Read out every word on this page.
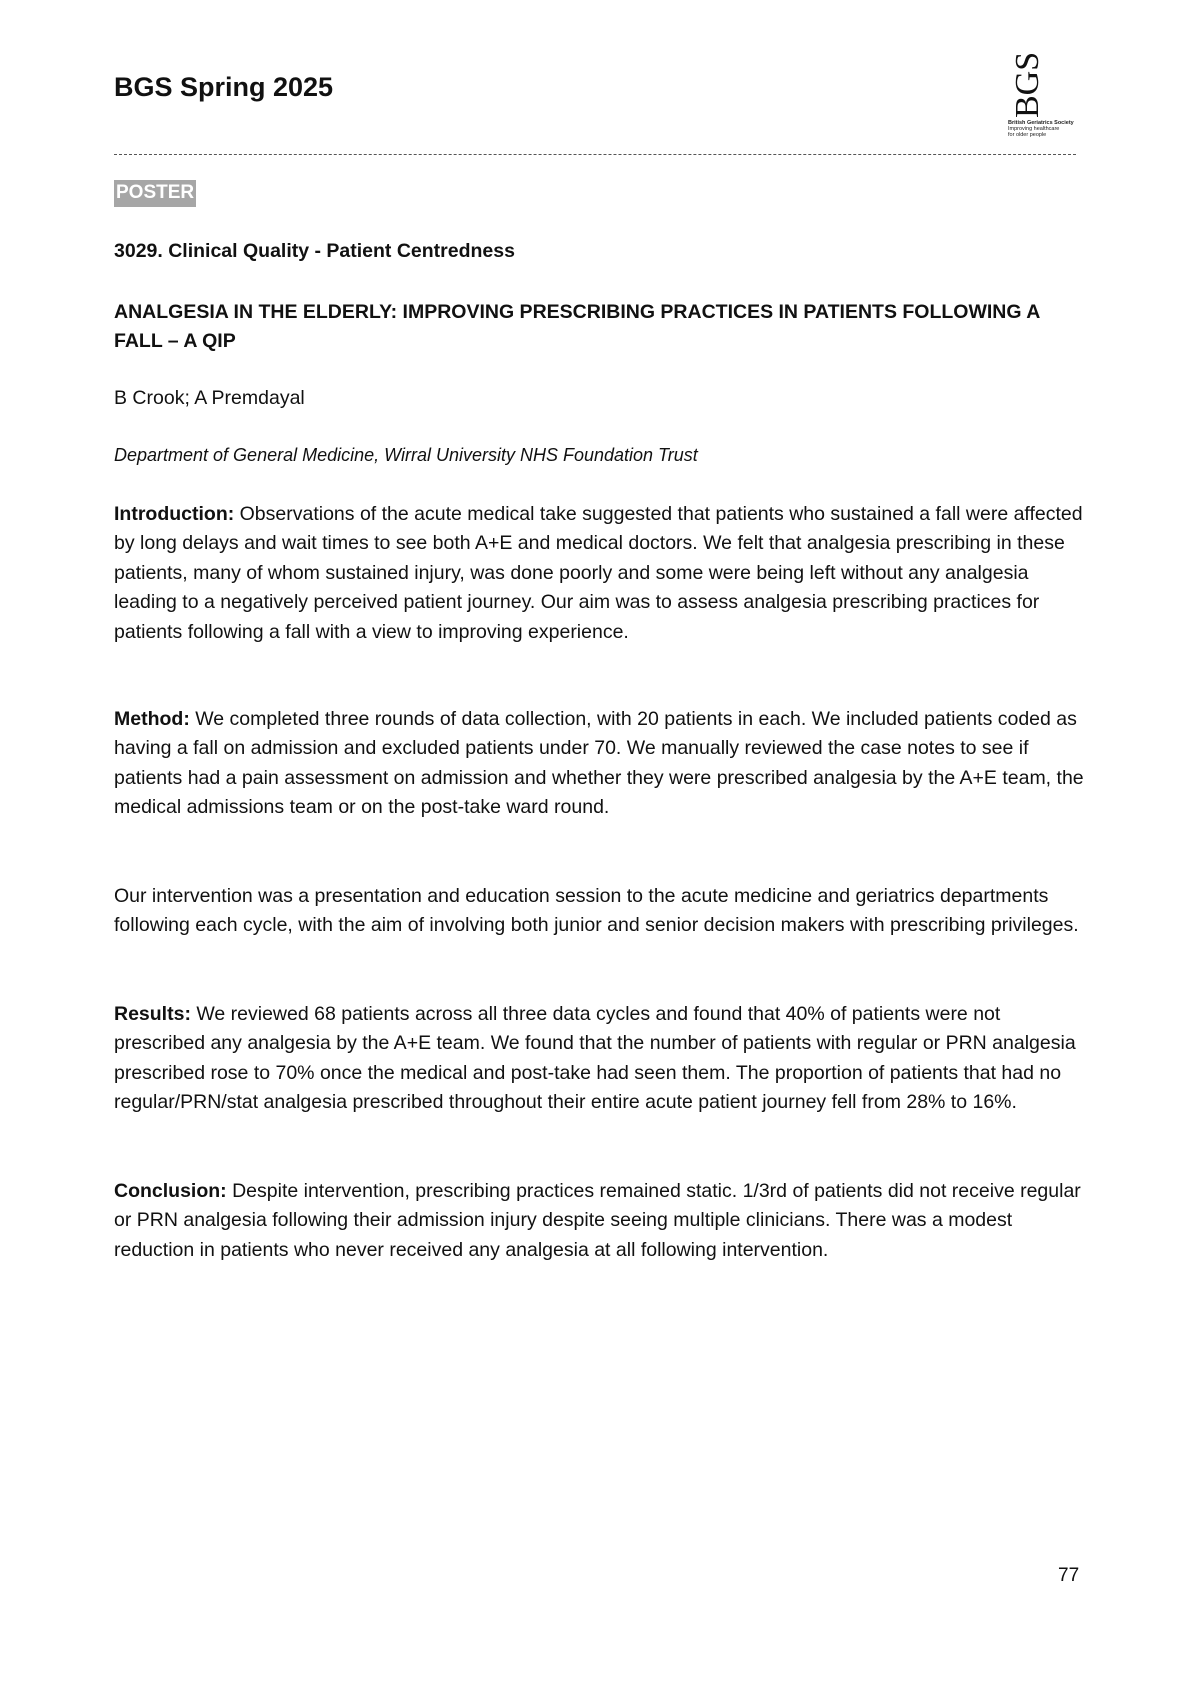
BGS Spring 2025	BGS
British Geriatrics Society
Improving healthcare
for older people
POSTER
3029. Clinical Quality - Patient Centredness
ANALGESIA IN THE ELDERLY: IMPROVING PRESCRIBING PRACTICES IN PATIENTS FOLLOWING A FALL – A QIP
B Crook; A Premdayal
Department of General Medicine, Wirral University NHS Foundation Trust
Introduction: Observations of the acute medical take suggested that patients who sustained a fall were affected by long delays and wait times to see both A+E and medical doctors. We felt that analgesia prescribing in these patients, many of whom sustained injury, was done poorly and some were being left without any analgesia leading to a negatively perceived patient journey. Our aim was to assess analgesia prescribing practices for patients following a fall with a view to improving experience.
Method: We completed three rounds of data collection, with 20 patients in each. We included patients coded as having a fall on admission and excluded patients under 70. We manually reviewed the case notes to see if patients had a pain assessment on admission and whether they were prescribed analgesia by the A+E team, the medical admissions team or on the post-take ward round.
Our intervention was a presentation and education session to the acute medicine and geriatrics departments following each cycle, with the aim of involving both junior and senior decision makers with prescribing privileges.
Results: We reviewed 68 patients across all three data cycles and found that 40% of patients were not prescribed any analgesia by the A+E team. We found that the number of patients with regular or PRN analgesia prescribed rose to 70% once the medical and post-take had seen them. The proportion of patients that had no regular/PRN/stat analgesia prescribed throughout their entire acute patient journey fell from 28% to 16%.
Conclusion: Despite intervention, prescribing practices remained static. 1/3rd of patients did not receive regular or PRN analgesia following their admission injury despite seeing multiple clinicians. There was a modest reduction in patients who never received any analgesia at all following intervention.
77
